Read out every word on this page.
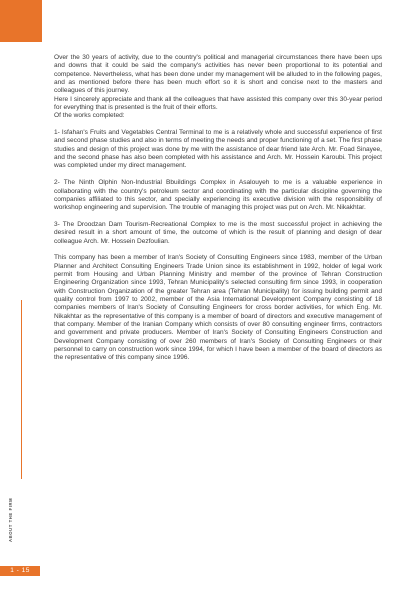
Over the 30 years of activity, due to the country's political and managerial circumstances there have been ups and downs that it could be said the company's activities has never been proportional to its potential and competence. Nevertheless, what has been done under my management will be alluded to in the following pages, and as mentioned before there has been much effort so it is short and concise next to the masters and colleagues of this journey.

Here I sincerely appreciate and thank all the colleagues that have assisted this company over this 30-year period for everything that is presented is the fruit of their efforts.

Of the works completed:

1- Isfahan's Fruits and Vegetables Central Terminal to me is a relatively whole and successful experience of first and second phase studies and also in terms of meeting the needs and proper functioning of a set. The first phase studies and design of this project was done by me with the assistance of dear friend late Arch. Mr. Foad Sinayee, and the second phase has also been completed with his assistance and Arch. Mr. Hossein Karoubi. This project was completed under my direct management.

2- The Ninth Olphin Non-Industrial Bbuildings Complex in Asalouyeh to me is a valuable experience in collaborating with the country's petroleum sector and coordinating with the particular discipline governing the companies affiliated to this sector, and specially experiencing its executive division with the responsibility of workshop engineering and supervision. The trouble of managing this project was put on Arch. Mr. Nikakhtar.

3- The Droodzan Dam Tourism-Recreational Complex to me is the most successful project in achieving the desired result in a short amount of time, the outcome of which is the result of planning and design of dear colleague Arch. Mr. Hossein Dezfoulian.

This company has been a member of Iran's Society of Consulting Engineers since 1983, member of the Urban Planner and Architect Consulting Engineers Trade Union since its establishment in 1992, holder of legal work permit from Housing and Urban Planning Ministry and member of the province of Tehran Construction Engineering Organization since 1993, Tehran Municipality's selected consulting firm since 1993, in cooperation with Construction Organization of the greater Tehran area (Tehran Municipality) for issuing building permit and quality control from 1997 to 2002, member of the Asia International Development Company consisting of 18 companies members of Iran's Society of Consulting Engineers for cross border activities, for which Eng. Mr. Nikakhtar as the representative of this company is a member of board of directors and executive management of that company. Member of the Iranian Company which consists of over 80 consulting engineer firms, contractors and government and private producers. Member of Iran's Society of Consulting Engineers Construction and Development Company consisting of over 260 members of Iran's Society of Consulting Engineers or their personnel to carry on construction work since 1994, for which I have been a member of the board of directors as the representative of this company since 1996.

ABOUT THE FIRM
1 - 15
